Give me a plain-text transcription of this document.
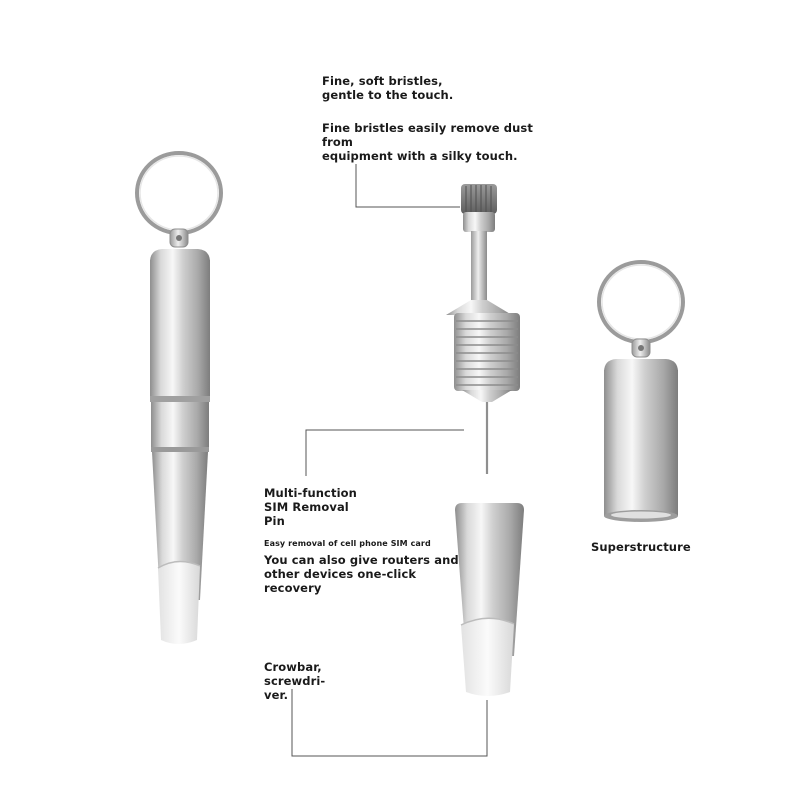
Fine, soft bristles,
gentle to the touch.
Fine bristles easily remove dust from
equipment with a silky touch.
Multi-function
SIM Removal
Pin
Easy removal of cell phone SIM card
You can also give routers and
other devices one-click recovery
Superstructure
Crowbar,
screwdri-
ver.
